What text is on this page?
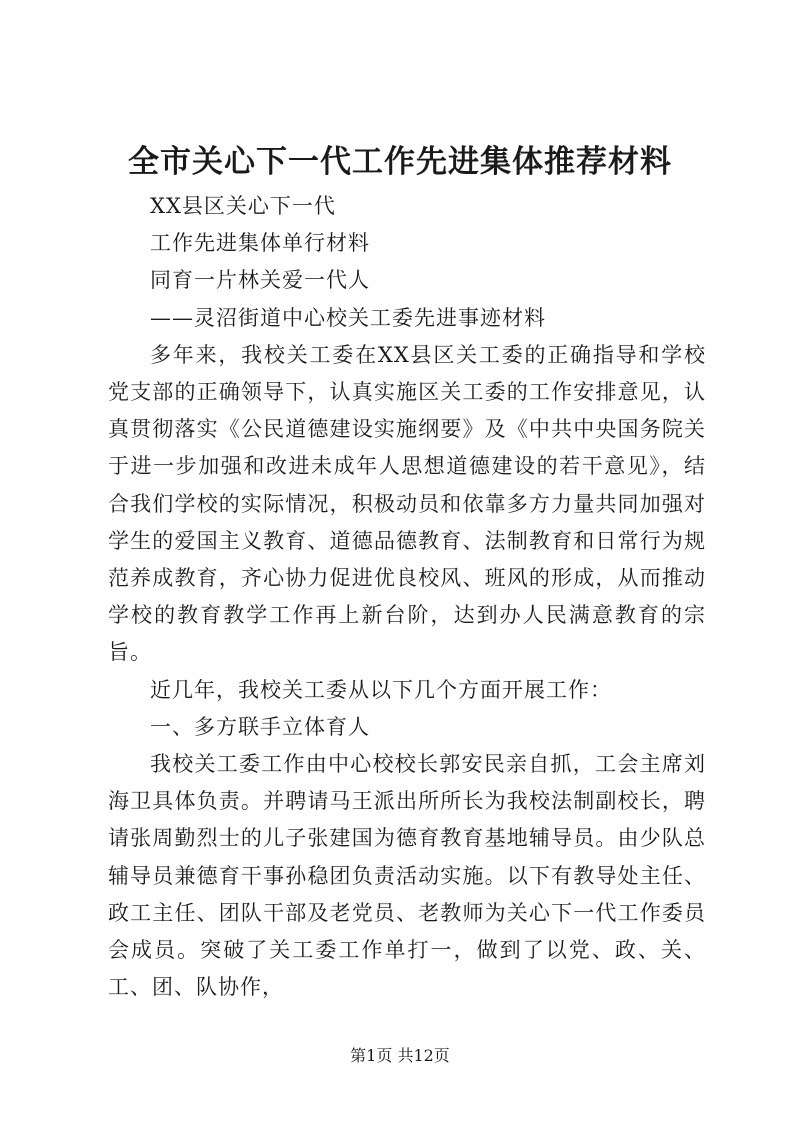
全市关心下一代工作先进集体推荐材料
XX县区关心下一代
工作先进集体单行材料
同育一片林关爱一代人
——灵沼街道中心校关工委先进事迹材料

多年来，我校关工委在XX县区关工委的正确指导和学校党支部的正确领导下，认真实施区关工委的工作安排意见，认真贯彻落实《公民道德建设实施纲要》及《中共中央国务院关于进一步加强和改进未成年人思想道德建设的若干意见》，结合我们学校的实际情况，积极动员和依靠多方力量共同加强对学生的爱国主义教育、道德品德教育、法制教育和日常行为规范养成教育，齐心协力促进优良校风、班风的形成，从而推动学校的教育教学工作再上新台阶，达到办人民满意教育的宗旨。

近几年，我校关工委从以下几个方面开展工作：

一、多方联手立体育人

我校关工委工作由中心校校长郭安民亲自抓，工会主席刘海卫具体负责。并聘请马王派出所所长为我校法制副校长，聘请张周勤烈士的儿子张建国为德育教育基地辅导员。由少队总辅导员兼德育干事孙稳团负责活动实施。以下有教导处主任、政工主任、团队干部及老党员、老教师为关心下一代工作委员会成员。突破了关工委工作单打一，做到了以党、政、关、工、团、队协作，

第1页 共12页
